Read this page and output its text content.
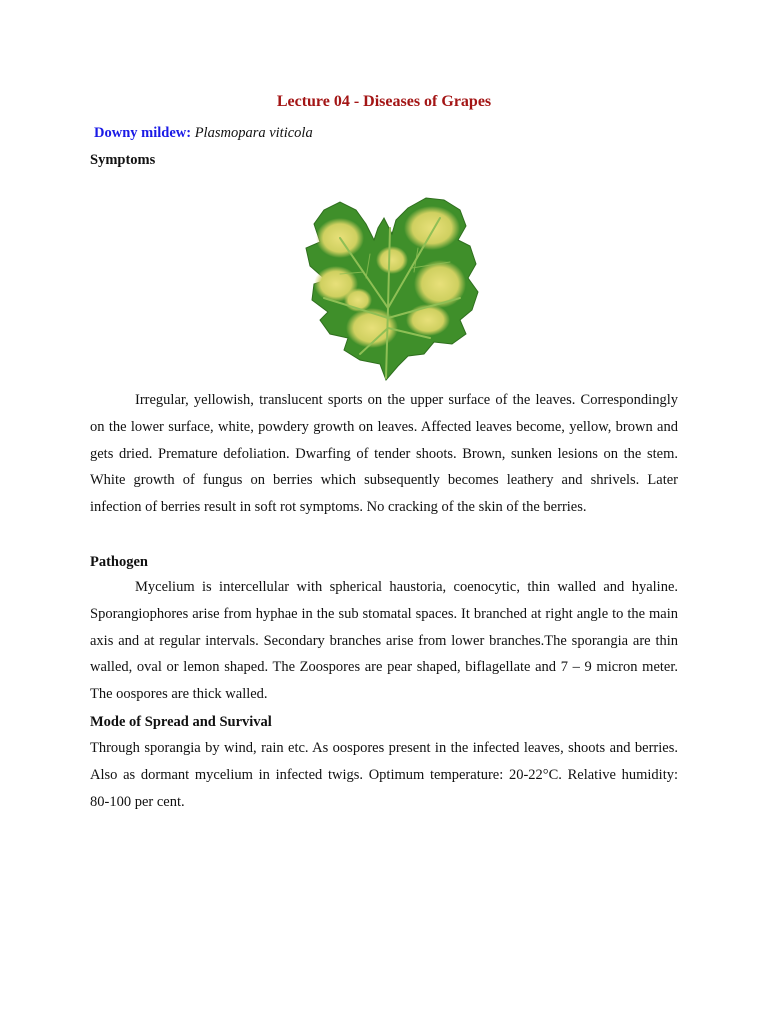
Lecture 04 - Diseases of Grapes
Downy mildew: Plasmopara viticola
Symptoms
Irregular, yellowish, translucent sports on the upper surface of the leaves. Correspondingly on the lower surface, white, powdery growth on leaves. Affected leaves become, yellow, brown and gets dried. Premature defoliation. Dwarfing of tender shoots. Brown, sunken lesions on the stem. White growth of fungus on berries which subsequently becomes leathery and shrivels. Later infection of berries result in soft rot symptoms. No cracking of the skin of the berries.
Pathogen
Mycelium is intercellular with spherical haustoria, coenocytic, thin walled and hyaline. Sporangiophores arise from hyphae in the sub stomatal spaces. It branched at right angle to the main axis and at regular intervals. Secondary branches arise from lower branches.The sporangia are thin walled, oval or lemon shaped. The Zoospores are pear shaped, biflagellate and 7 – 9 micron meter. The oospores are thick walled.
Mode of Spread and Survival
Through sporangia by wind, rain etc. As oospores present in the infected leaves, shoots and berries. Also as dormant mycelium in infected twigs. Optimum temperature: 20-22°C. Relative humidity: 80-100 per cent.
